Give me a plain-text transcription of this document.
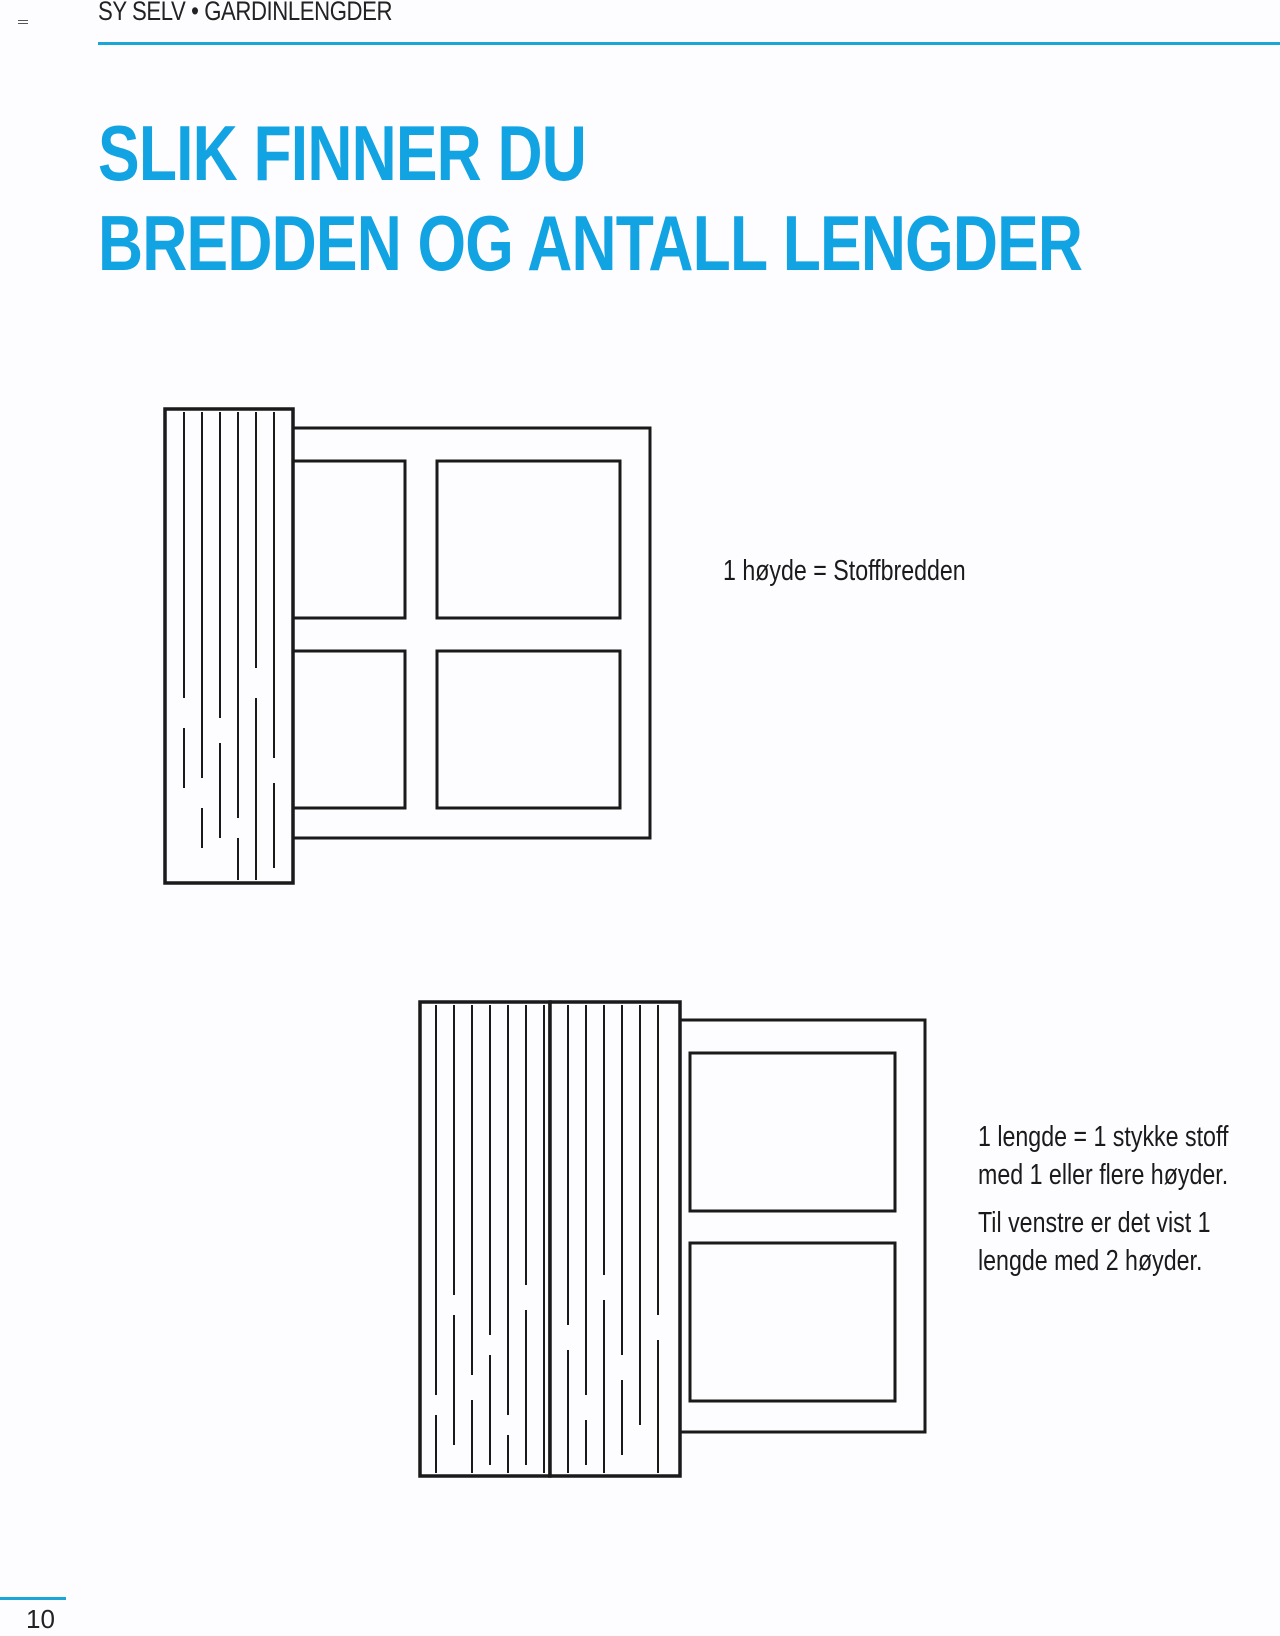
SY SELV • GARDINLENGDER
SLIK FINNER DU
BREDDEN OG ANTALL LENGDER

1 høyde = Stoffbredden

1 lengde = 1 stykke stoff
med 1 eller flere høyder.

Til venstre er det vist 1
lengde med 2 høyder.

10
